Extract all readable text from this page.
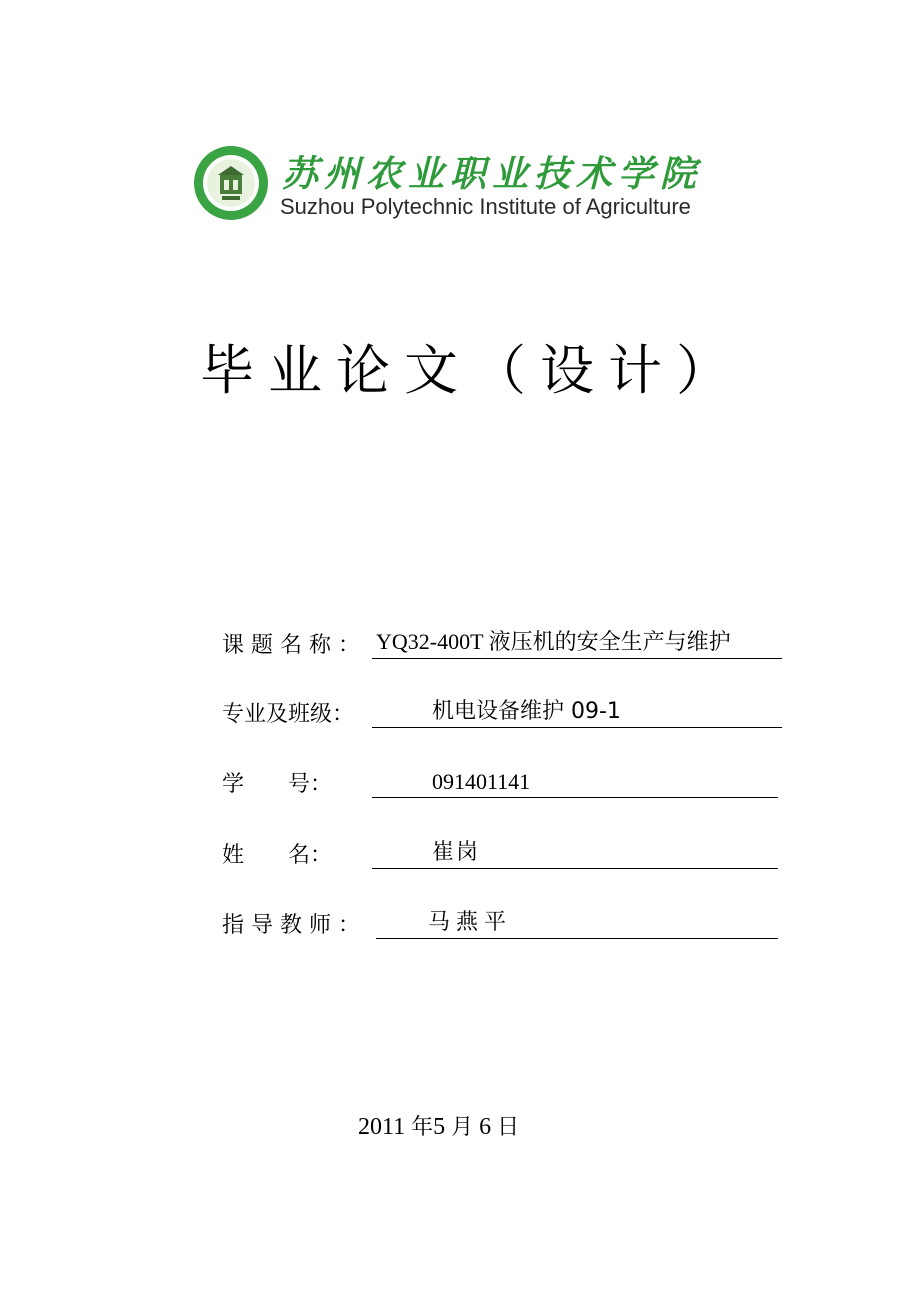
苏州农业职业技术学院
Suzhou Polytechnic Institute of Agriculture
毕业论文（设计）
课题名称： YQ32-400T 液压机的安全生产与维护
专业及班级：	机电设备维护 09-1
学　　号：	091401141
姓　　名：	崔岗
指导教师：	马燕平
2011 年5 月 6 日
